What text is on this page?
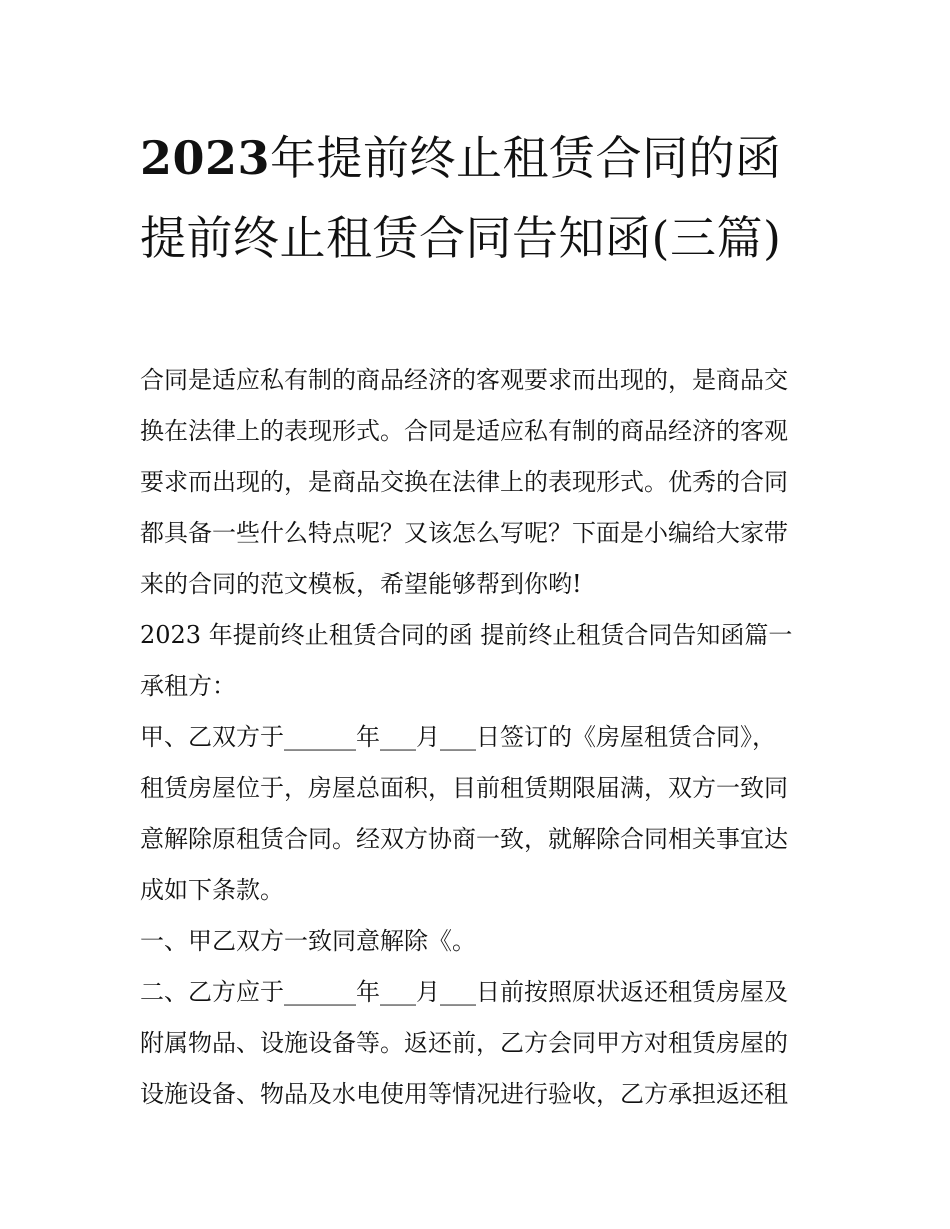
2023年提前终止租赁合同的函提前终止租赁合同告知函(三篇)

合同是适应私有制的商品经济的客观要求而出现的，是商品交

换在法律上的表现形式。合同是适应私有制的商品经济的客观

要求而出现的，是商品交换在法律上的表现形式。优秀的合同

都具备一些什么特点呢？又该怎么写呢？下面是小编给大家带

来的合同的范文模板，希望能够帮到你哟!

2023 年提前终止租赁合同的函 提前终止租赁合同告知函篇一

承租方：

甲、乙双方于______年___月___日签订的《房屋租赁合同》，

租赁房屋位于，房屋总面积，目前租赁期限届满，双方一致同

意解除原租赁合同。经双方协商一致，就解除合同相关事宜达

成如下条款。

一、甲乙双方一致同意解除《。

二、乙方应于______年___月___日前按照原状返还租赁房屋及

附属物品、设施设备等。返还前，乙方会同甲方对租赁房屋的

设施设备、物品及水电使用等情况进行验收，乙方承担返还租
